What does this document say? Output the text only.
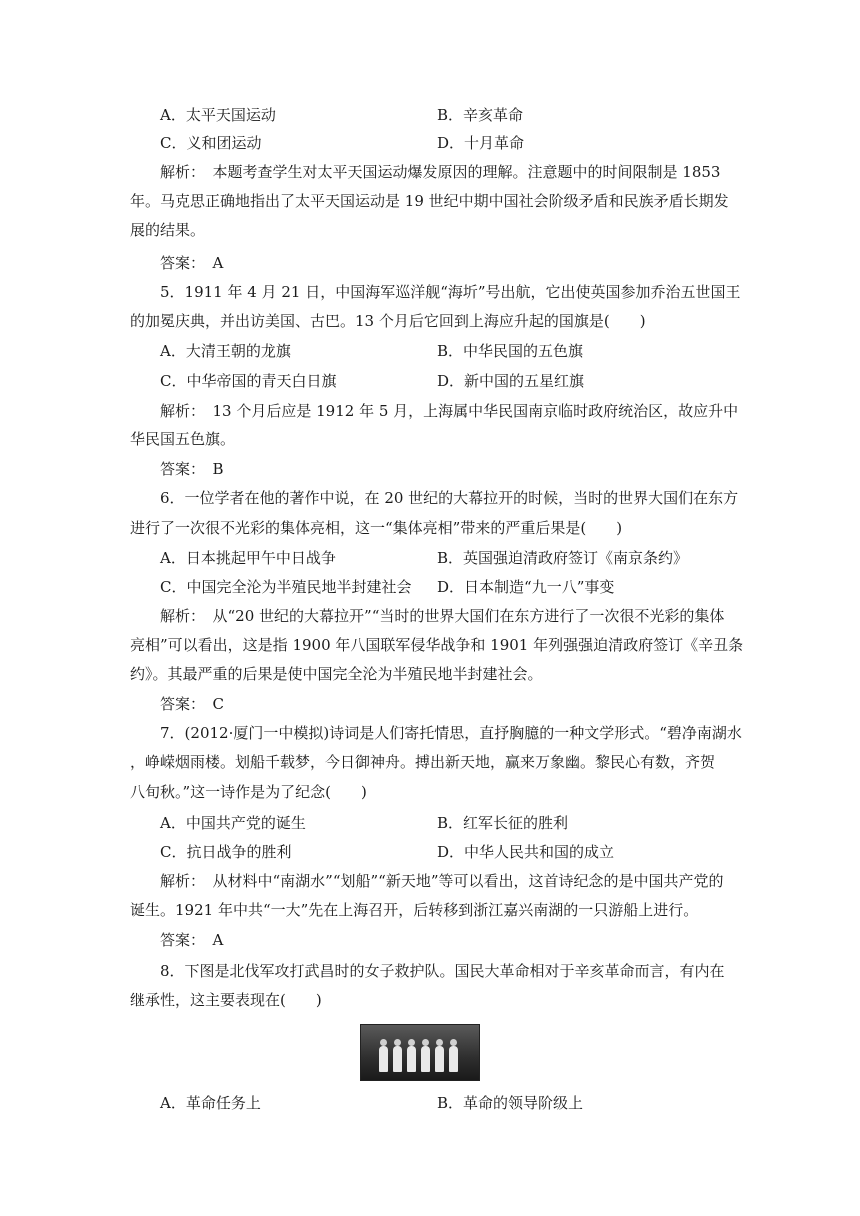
A．太平天国运动	B．辛亥革命
C．义和团运动	D．十月革命
解析：　本题考查学生对太平天国运动爆发原因的理解。注意题中的时间限制是 1853
年。马克思正确地指出了太平天国运动是 19 世纪中期中国社会阶级矛盾和民族矛盾长期发
展的结果。
答案：　A
5．1911 年 4 月 21 日，中国海军巡洋舰“海圻”号出航，它出使英国参加乔治五世国王
的加冕庆典，并出访美国、古巴。13 个月后它回到上海应升起的国旗是(　　)
A．大清王朝的龙旗	B．中华民国的五色旗
C．中华帝国的青天白日旗	D．新中国的五星红旗
解析：　13 个月后应是 1912 年 5 月，上海属中华民国南京临时政府统治区，故应升中
华民国五色旗。
答案：　B
6．一位学者在他的著作中说，在 20 世纪的大幕拉开的时候，当时的世界大国们在东方
进行了一次很不光彩的集体亮相，这一“集体亮相”带来的严重后果是(　　)
A．日本挑起甲午中日战争	B．英国强迫清政府签订《南京条约》
C．中国完全沦为半殖民地半封建社会 D．日本制造“九一八”事变
解析：　从“20 世纪的大幕拉开”“当时的世界大国们在东方进行了一次很不光彩的集体
亮相”可以看出，这是指 1900 年八国联军侵华战争和 1901 年列强强迫清政府签订《辛丑条
约》。其最严重的后果是使中国完全沦为半殖民地半封建社会。
答案：　C
7．(2012·厦门一中模拟)诗词是人们寄托情思，直抒胸臆的一种文学形式。“碧净南湖水
，峥嵘烟雨楼。划船千载梦，今日御神舟。搏出新天地，赢来万象幽。黎民心有数，齐贺
八旬秋。”这一诗作是为了纪念(　　)
A．中国共产党的诞生	B．红军长征的胜利
C．抗日战争的胜利	D．中华人民共和国的成立
解析：　从材料中“南湖水”“划船”“新天地”等可以看出，这首诗纪念的是中国共产党的
诞生。1921 年中共“一大”先在上海召开，后转移到浙江嘉兴南湖的一只游船上进行。
答案：　A
8．下图是北伐军攻打武昌时的女子救护队。国民大革命相对于辛亥革命而言，有内在
继承性，这主要表现在(　　)
A．革命任务上	B．革命的领导阶级上
